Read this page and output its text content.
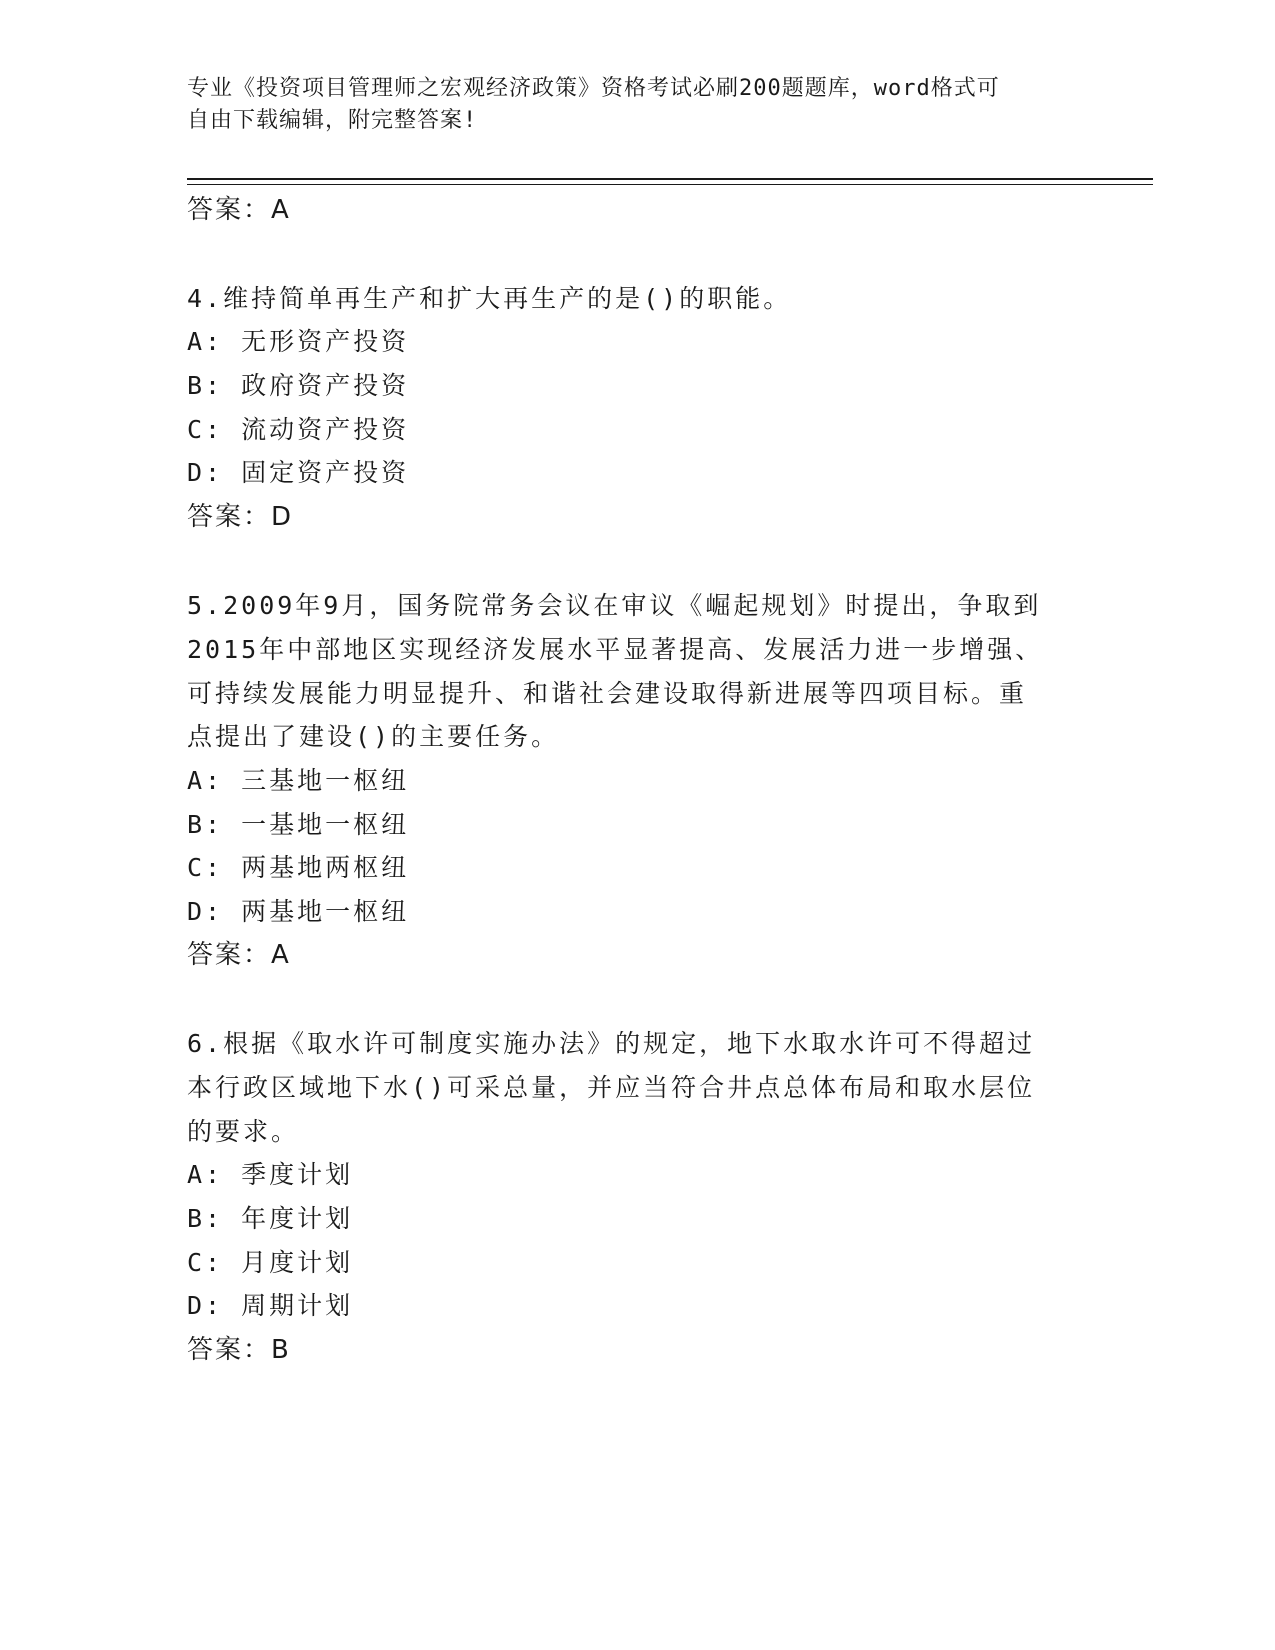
专业《投资项目管理师之宏观经济政策》资格考试必刷200题题库，word格式可
自由下载编辑，附完整答案!
答案：A
4.维持简单再生产和扩大再生产的是()的职能。
A: 无形资产投资
B: 政府资产投资
C: 流动资产投资
D: 固定资产投资
答案：D
5.2009年9月，国务院常务会议在审议《崛起规划》时提出，争取到
2015年中部地区实现经济发展水平显著提高、发展活力进一步增强、
可持续发展能力明显提升、和谐社会建设取得新进展等四项目标。重
点提出了建设()的主要任务。
A: 三基地一枢纽
B: 一基地一枢纽
C: 两基地两枢纽
D: 两基地一枢纽
答案：A
6.根据《取水许可制度实施办法》的规定，地下水取水许可不得超过
本行政区域地下水()可采总量，并应当符合井点总体布局和取水层位
的要求。
A: 季度计划
B: 年度计划
C: 月度计划
D: 周期计划
答案：B
